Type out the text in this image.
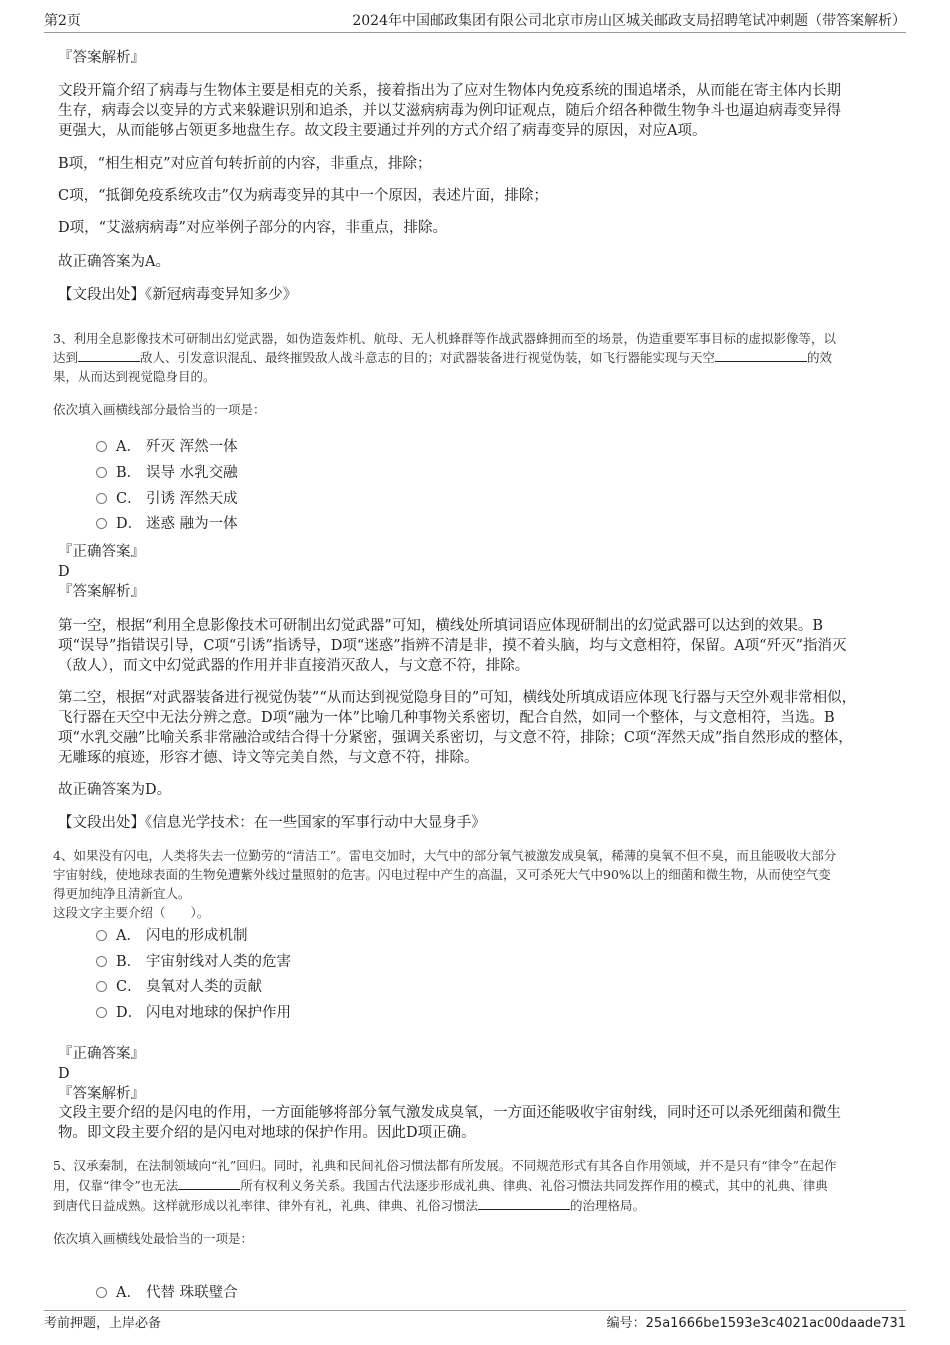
第2页	2024年中国邮政集团有限公司北京市房山区城关邮政支局招聘笔试冲刺题（带答案解析）
『答案解析』
文段开篇介绍了病毒与生物体主要是相克的关系，接着指出为了应对生物体内免疫系统的围追堵杀，从而能在寄主体内长期
生存，病毒会以变异的方式来躲避识别和追杀，并以艾滋病病毒为例印证观点，随后介绍各种微生物争斗也逼迫病毒变异得
更强大，从而能够占领更多地盘生存。故文段主要通过并列的方式介绍了病毒变异的原因，对应A项。
B项，“相生相克”对应首句转折前的内容，非重点，排除；
C项，“抵御免疫系统攻击”仅为病毒变异的其中一个原因，表述片面，排除；
D项，“艾滋病病毒”对应举例子部分的内容，非重点，排除。
故正确答案为A。
【文段出处】《新冠病毒变异知多少》
3、利用全息影像技术可研制出幻觉武器，如伪造轰炸机、航母、无人机蜂群等作战武器蜂拥而至的场景，伪造重要军事目标的虚拟影像等，以
达到	敌人、引发意识混乱、最终摧毁敌人战斗意志的目的；对武器装备进行视觉伪装，如飞行器能实现与天空	的效
果，从而达到视觉隐身目的。
依次填入画横线部分最恰当的一项是：
A． 歼灭 浑然一体
B． 误导 水乳交融
C． 引诱 浑然天成
D． 迷惑 融为一体
『正确答案』
D
『答案解析』
第一空，根据“利用全息影像技术可研制出幻觉武器”可知，横线处所填词语应体现研制出的幻觉武器可以达到的效果。B
项“误导”指错误引导，C项“引诱”指诱导，D项“迷惑”指辨不清是非，摸不着头脑，均与文意相符，保留。A项“歼灭”指消灭
（敌人），而文中幻觉武器的作用并非直接消灭敌人，与文意不符，排除。
第二空，根据“对武器装备进行视觉伪装”“从而达到视觉隐身目的”可知，横线处所填成语应体现飞行器与天空外观非常相似，
飞行器在天空中无法分辨之意。D项“融为一体”比喻几种事物关系密切，配合自然，如同一个整体，与文意相符，当选。B
项“水乳交融”比喻关系非常融洽或结合得十分紧密，强调关系密切，与文意不符，排除；C项“浑然天成”指自然形成的整体，
无雕琢的痕迹，形容才德、诗文等完美自然，与文意不符，排除。
故正确答案为D。
【文段出处】《信息光学技术：在一些国家的军事行动中大显身手》
4、如果没有闪电，人类将失去一位勤劳的“清洁工”。雷电交加时，大气中的部分氧气被激发成臭氧，稀薄的臭氧不但不臭，而且能吸收大部分
宇宙射线，使地球表面的生物免遭紫外线过量照射的危害。闪电过程中产生的高温，又可杀死大气中90%以上的细菌和微生物，从而使空气变
得更加纯净且清新宜人。
这段文字主要介绍（　　）。
A． 闪电的形成机制
B． 宇宙射线对人类的危害
C． 臭氧对人类的贡献
D． 闪电对地球的保护作用
『正确答案』
D
『答案解析』
文段主要介绍的是闪电的作用，一方面能够将部分氧气激发成臭氧，一方面还能吸收宇宙射线，同时还可以杀死细菌和微生
物。即文段主要介绍的是闪电对地球的保护作用。因此D项正确。
5、汉承秦制，在法制领域向“礼”回归。同时，礼典和民间礼俗习惯法都有所发展。不同规范形式有其各自作用领域，并不是只有“律令”在起作
用，仅靠“律令”也无法	所有权利义务关系。我国古代法逐步形成礼典、律典、礼俗习惯法共同发挥作用的模式，其中的礼典、律典
到唐代日益成熟。这样就形成以礼率律、律外有礼，礼典、律典、礼俗习惯法	的治理格局。
依次填入画横线处最恰当的一项是：
A． 代替 珠联璧合
考前押题，上岸必备	编号：25a1666be1593e3c4021ac00daade731
